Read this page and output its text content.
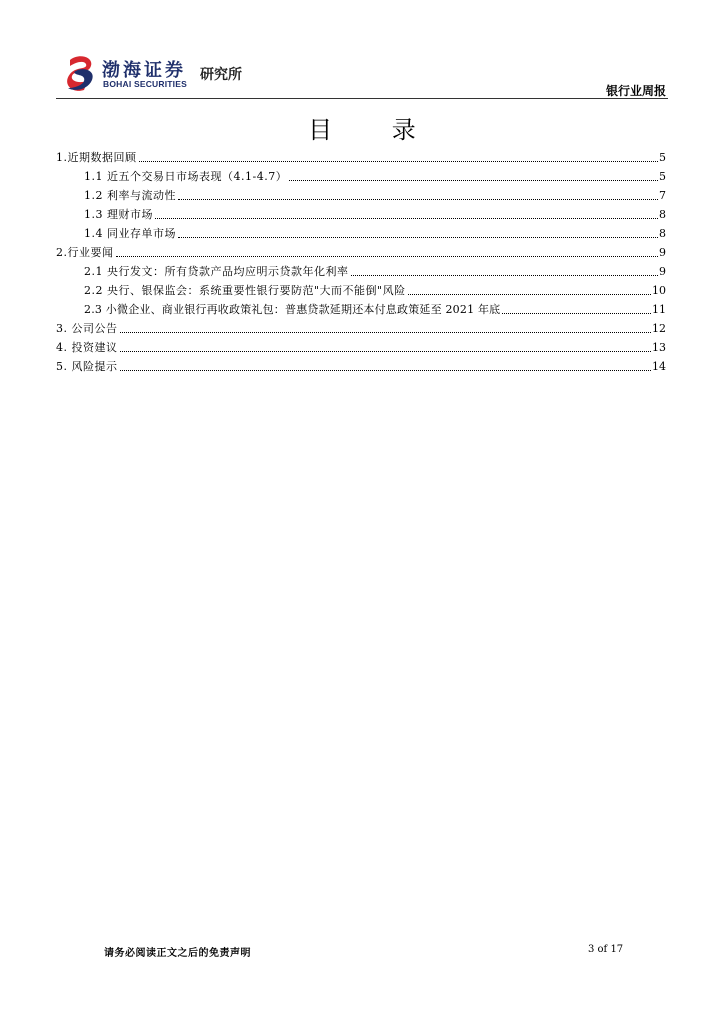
渤海证券
BOHAI SECURITIES
研究所
银行业周报
目 录
1.近期数据回顾	5
1.1 近五个交易日市场表现（4.1-4.7）	5
1.2 利率与流动性	7
1.3 理财市场	8
1.4 同业存单市场	8
2.行业要闻	9
2.1 央行发文：所有贷款产品均应明示贷款年化利率	9
2.2 央行、银保监会：系统重要性银行要防范"大而不能倒"风险	10
2.3 小微企业、商业银行再收政策礼包：普惠贷款延期还本付息政策延至 2021 年底	11
3. 公司公告	12
4. 投资建议	13
5. 风险提示	14
请务必阅读正文之后的免责声明	3 of 17
